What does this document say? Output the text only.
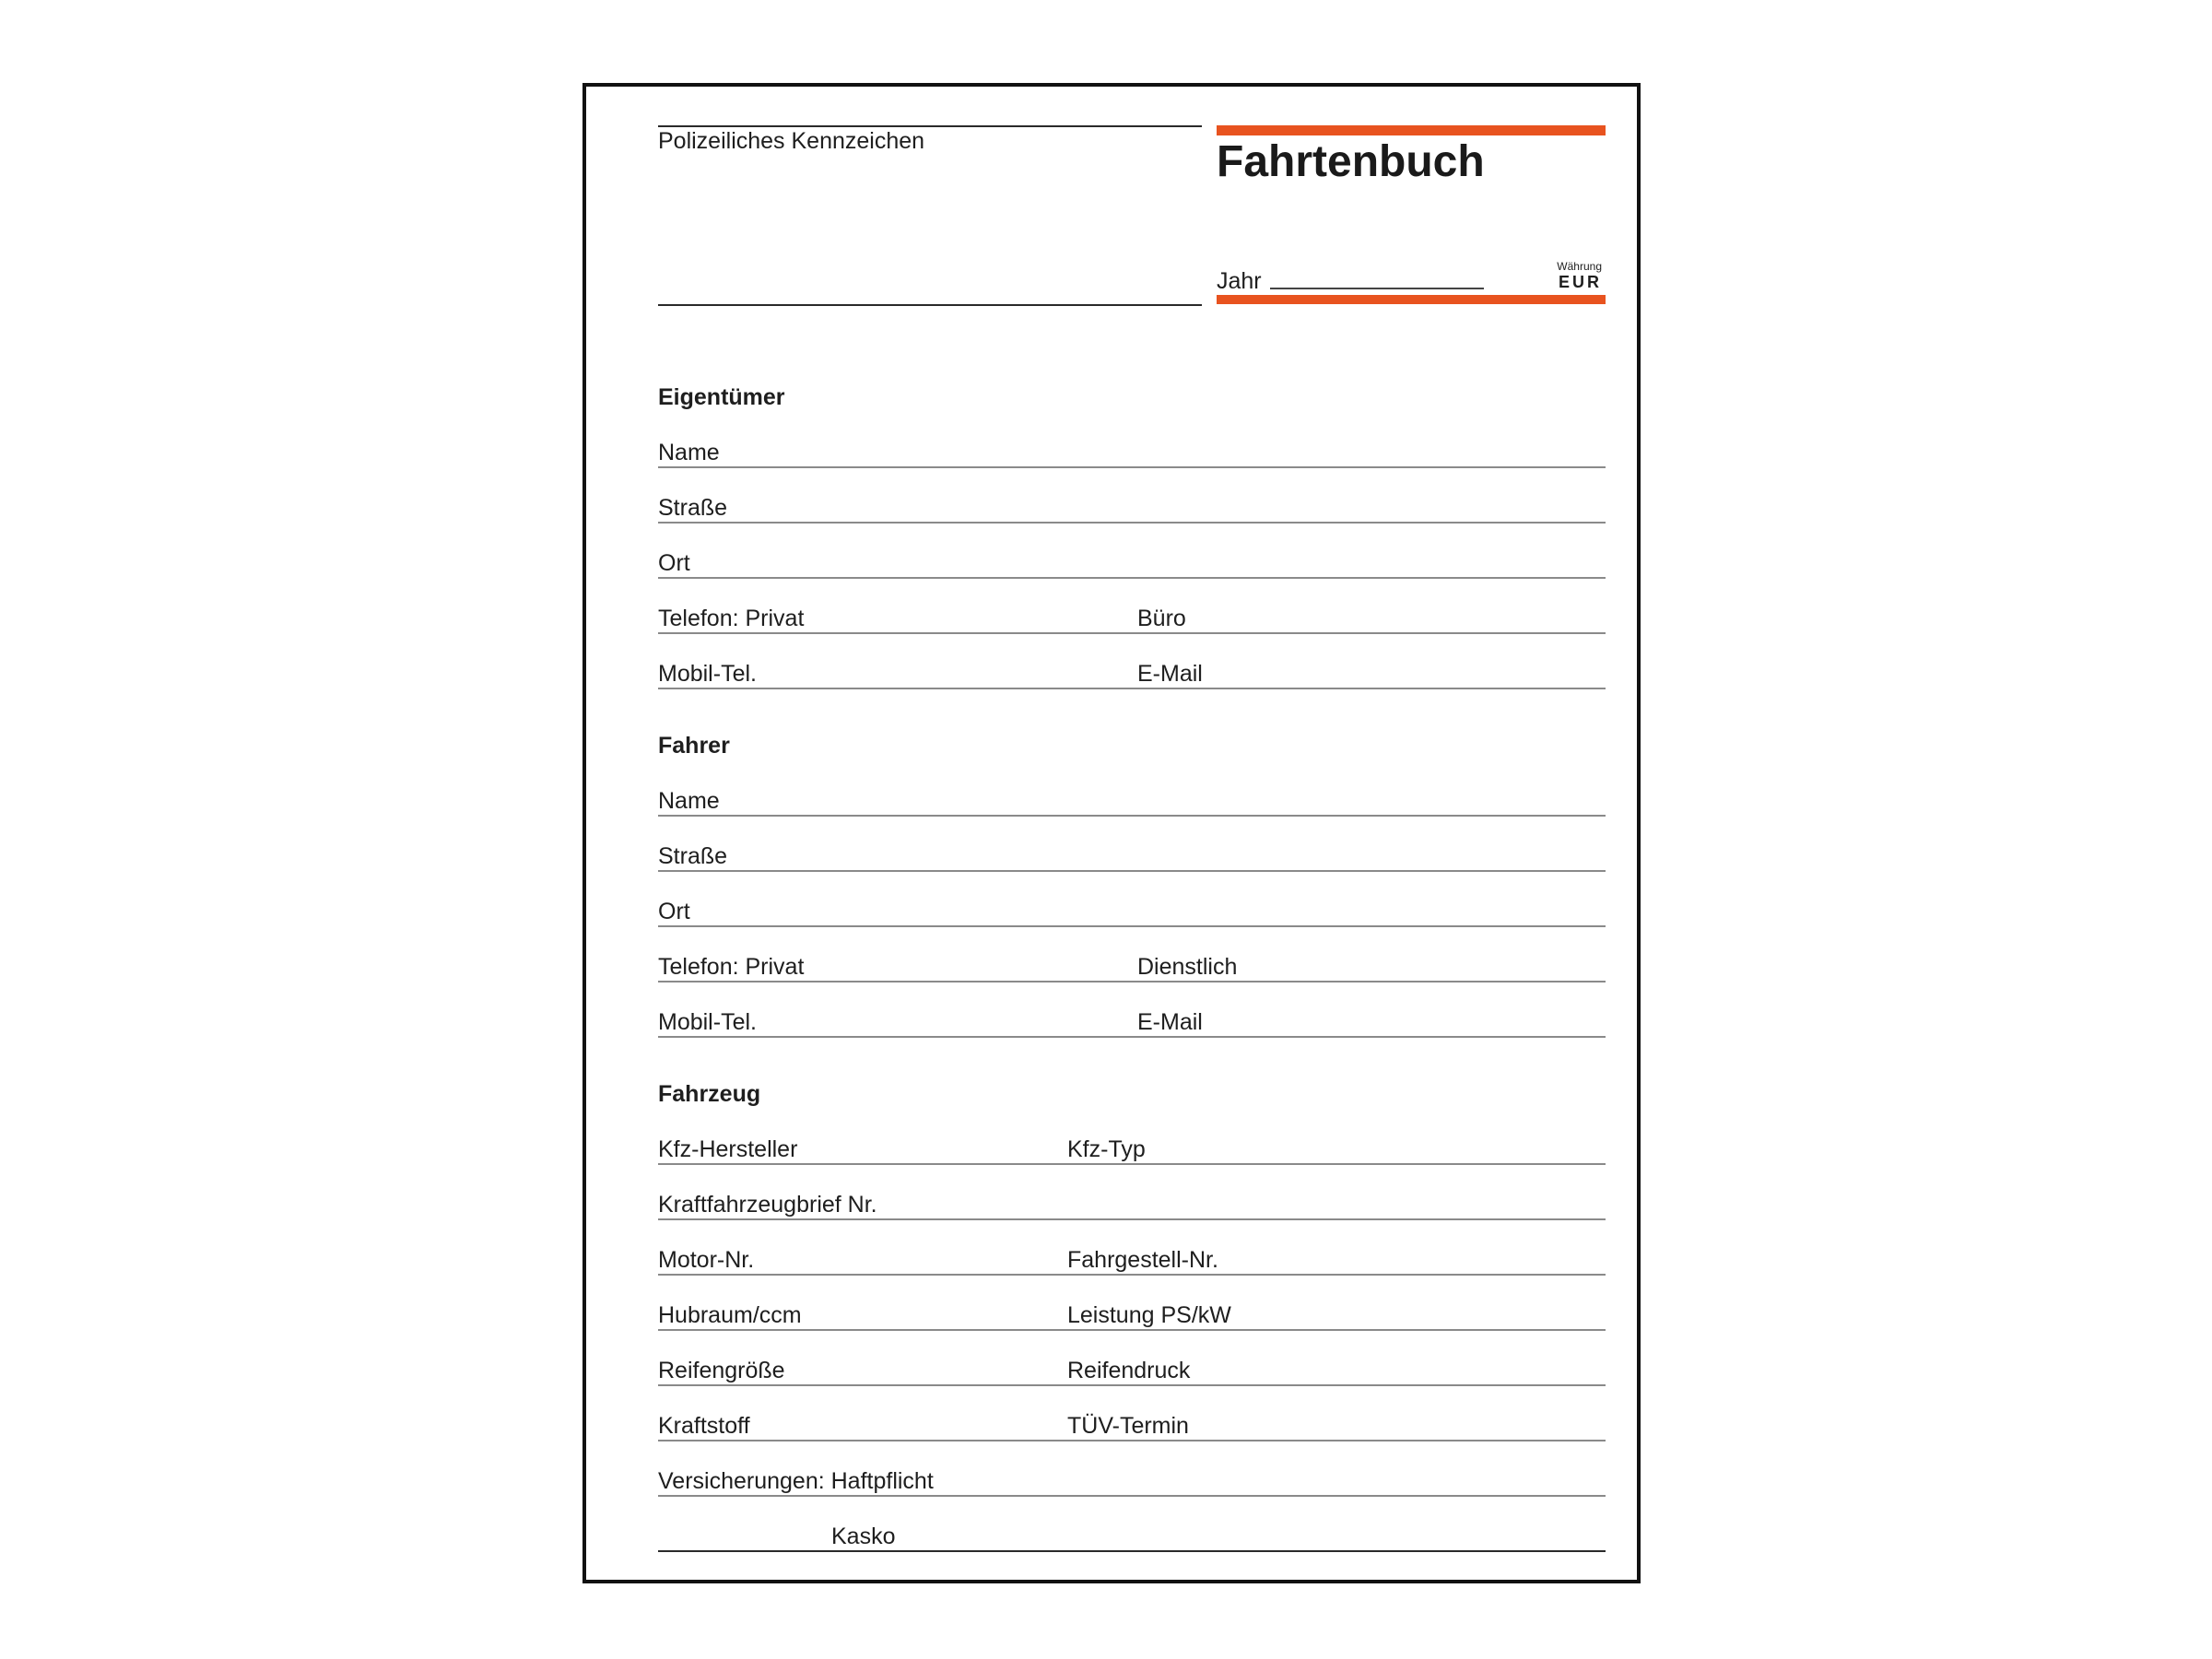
Polizeiliches Kennzeichen	Fahrtenbuch
Jahr
Währung
EUR
Eigentümer
Name
Straße
Ort
Telefon: Privat	Büro
Mobil-Tel.	E-Mail
Fahrer
Name
Straße
Ort
Telefon: Privat	Dienstlich
Mobil-Tel.	E-Mail
Fahrzeug
Kfz-Hersteller	Kfz-Typ
Kraftfahrzeugbrief Nr.
Motor-Nr.	Fahrgestell-Nr.
Hubraum/ccm	Leistung PS/kW
Reifengröße	Reifendruck
Kraftstoff	TÜV-Termin
Versicherungen: Haftpflicht
Kasko
